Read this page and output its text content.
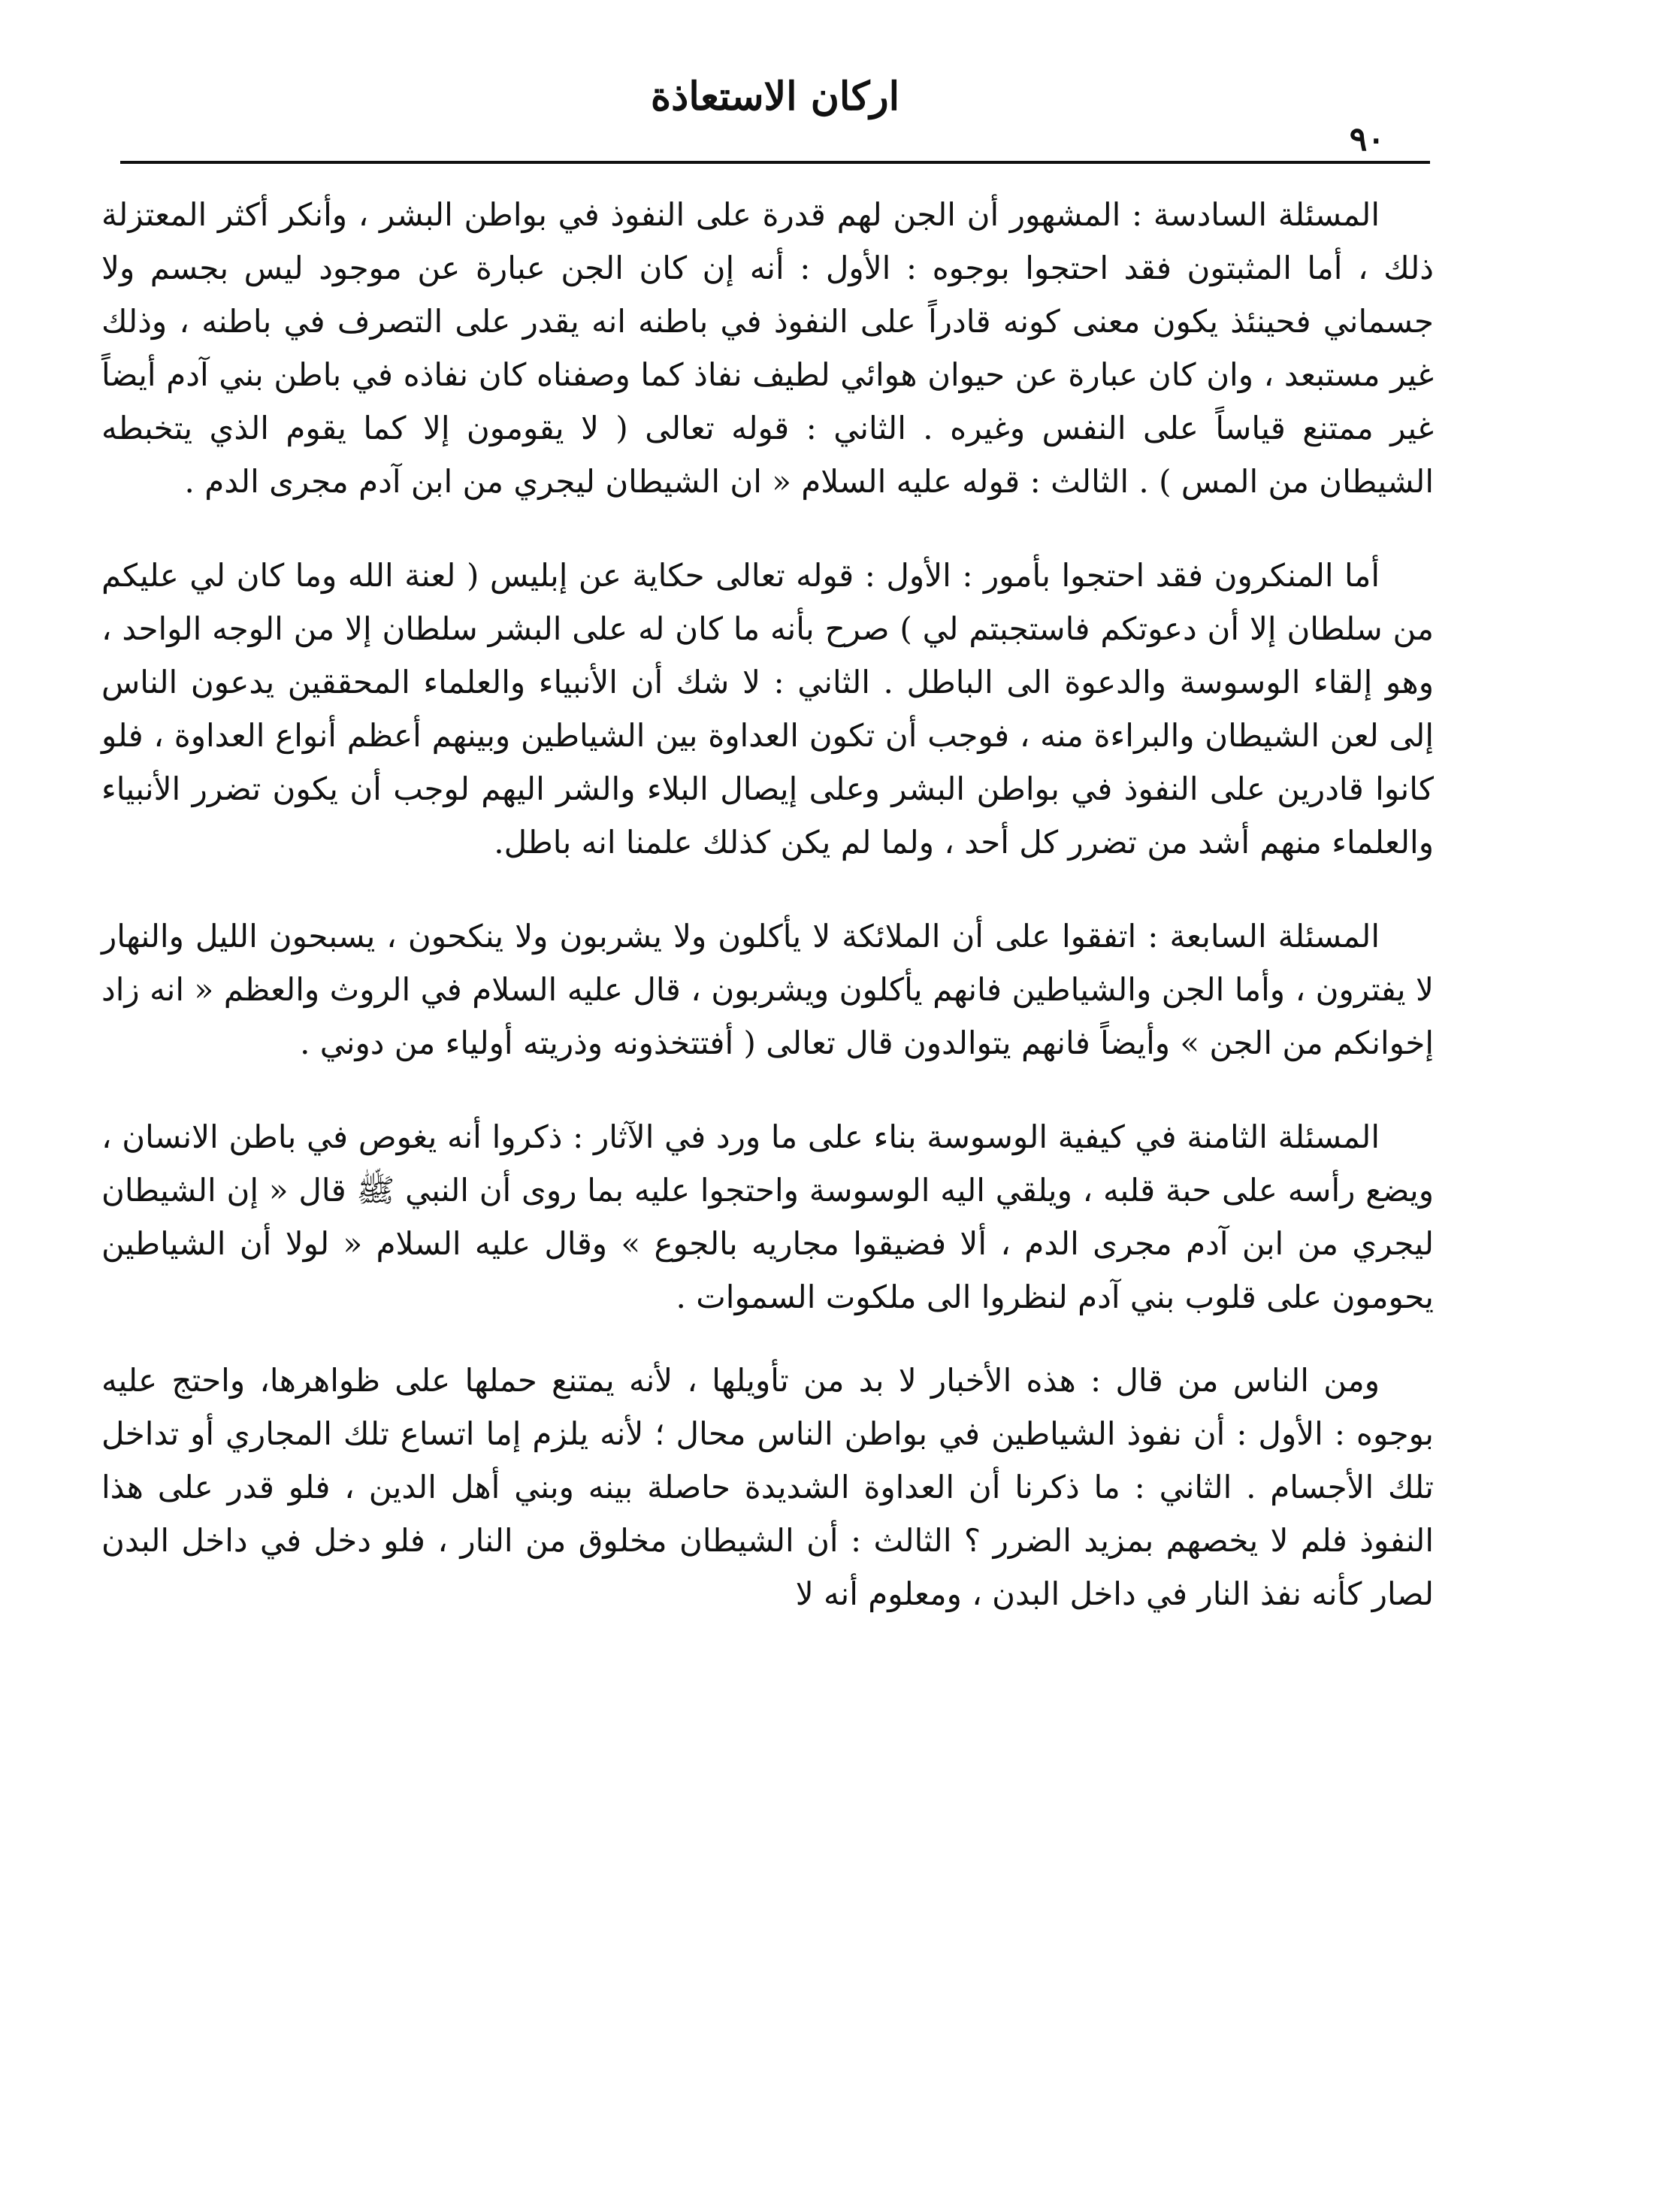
اركان الاستعاذة
٩٠

المسئلة السادسة : المشهور أن الجن لهم قدرة على النفوذ في بواطن البشر ، وأنكر أكثر المعتزلة ذلك ، أما المثبتون فقد احتجوا بوجوه : الأول : أنه إن كان الجن عبارة عن موجود ليس بجسم ولا جسماني فحينئذ يكون معنى كونه قادراً على النفوذ في باطنه انه يقدر على التصرف في باطنه ، وذلك غير مستبعد ، وان كان عبارة عن حيوان هوائي لطيف نفاذ كما وصفناه كان نفاذه في باطن بني آدم أيضاً غير ممتنع قياساً على النفس وغيره . الثاني : قوله تعالى ( لا يقومون إلا كما يقوم الذي يتخبطه الشيطان من المس ) . الثالث : قوله عليه السلام « ان الشيطان ليجري من ابن آدم مجرى الدم .

أما المنكرون فقد احتجوا بأمور : الأول : قوله تعالى حكاية عن إبليس ( لعنة الله وما كان لي عليكم من سلطان إلا أن دعوتكم فاستجبتم لي ) صرح بأنه ما كان له على البشر سلطان إلا من الوجه الواحد ، وهو إلقاء الوسوسة والدعوة الى الباطل . الثاني : لا شك أن الأنبياء والعلماء المحققين يدعون الناس إلى لعن الشيطان والبراءة منه ، فوجب أن تكون العداوة بين الشياطين وبينهم أعظم أنواع العداوة ، فلو كانوا قادرين على النفوذ في بواطن البشر وعلى إيصال البلاء والشر اليهم لوجب أن يكون تضرر الأنبياء والعلماء منهم أشد من تضرر كل أحد ، ولما لم يكن كذلك علمنا انه باطل.

المسئلة السابعة : اتفقوا على أن الملائكة لا يأكلون ولا يشربون ولا ينكحون ، يسبحون الليل والنهار لا يفترون ، وأما الجن والشياطين فانهم يأكلون ويشربون ، قال عليه السلام في الروث والعظم « انه زاد إخوانكم من الجن » وأيضاً فانهم يتوالدون قال تعالى ( أفتتخذونه وذريته أولياء من دوني .

المسئلة الثامنة في كيفية الوسوسة بناء على ما ورد في الآثار : ذكروا أنه يغوص في باطن الانسان ، ويضع رأسه على حبة قلبه ، ويلقي اليه الوسوسة واحتجوا عليه بما روى أن النبي ﷺ قال « إن الشيطان ليجري من ابن آدم مجرى الدم ، ألا فضيقوا مجاريه بالجوع » وقال عليه السلام « لولا أن الشياطين يحومون على قلوب بني آدم لنظروا الى ملكوت السموات .

ومن الناس من قال : هذه الأخبار لا بد من تأويلها ، لأنه يمتنع حملها على ظواهرها، واحتج عليه بوجوه : الأول : أن نفوذ الشياطين في بواطن الناس محال ؛ لأنه يلزم إما اتساع تلك المجاري أو تداخل تلك الأجسام . الثاني : ما ذكرنا أن العداوة الشديدة حاصلة بينه وبني أهل الدين ، فلو قدر على هذا النفوذ فلم لا يخصهم بمزيد الضرر ؟ الثالث : أن الشيطان مخلوق من النار ، فلو دخل في داخل البدن لصار كأنه نفذ النار في داخل البدن ، ومعلوم أنه لا
